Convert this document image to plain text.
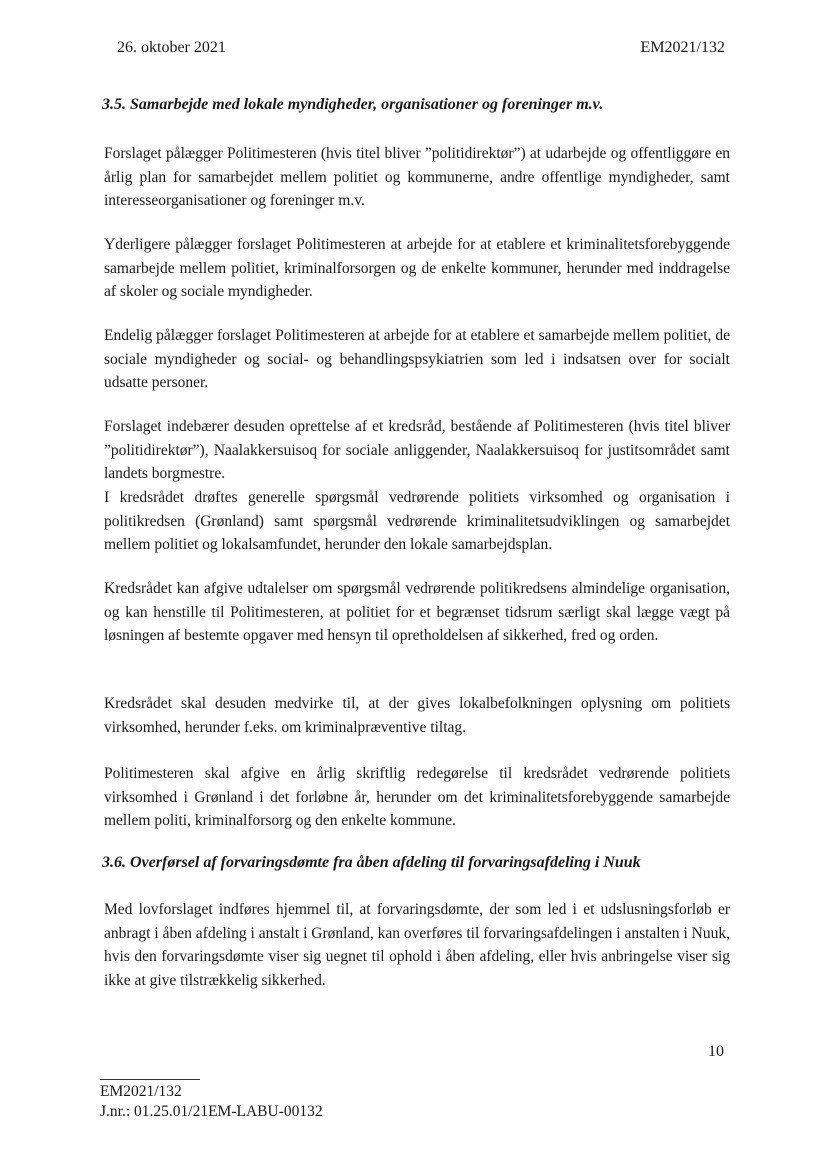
26. oktober 2021	EM2021/132
3.5. Samarbejde med lokale myndigheder, organisationer og foreninger m.v.

Forslaget pålægger Politimesteren (hvis titel bliver ”politidirektør”) at udarbejde og offentliggøre en årlig plan for samarbejdet mellem politiet og kommunerne, andre offentlige myndigheder, samt interesseorganisationer og foreninger m.v.

Yderligere pålægger forslaget Politimesteren at arbejde for at etablere et kriminalitetsforebyggende samarbejde mellem politiet, kriminalforsorgen og de enkelte kommuner, herunder med inddragelse af skoler og sociale myndigheder.

Endelig pålægger forslaget Politimesteren at arbejde for at etablere et samarbejde mellem politiet, de sociale myndigheder og social- og behandlingspsykiatrien som led i indsatsen over for socialt udsatte personer.

Forslaget indebærer desuden oprettelse af et kredsråd, bestående af Politimesteren (hvis titel bliver ”politidirektør”), Naalakkersuisoq for sociale anliggender, Naalakkersuisoq for justitsområdet samt landets borgmestre.

I kredsrådet drøftes generelle spørgsmål vedrørende politiets virksomhed og organisation i politikredsen (Grønland) samt spørgsmål vedrørende kriminalitetsudviklingen og samarbejdet mellem politiet og lokalsamfundet, herunder den lokale samarbejdsplan.

Kredsrådet kan afgive udtalelser om spørgsmål vedrørende politikredsens almindelige organisation, og kan henstille til Politimesteren, at politiet for et begrænset tidsrum særligt skal lægge vægt på løsningen af bestemte opgaver med hensyn til opretholdelsen af sikkerhed, fred og orden.

Kredsrådet skal desuden medvirke til, at der gives lokalbefolkningen oplysning om politiets virksomhed, herunder f.eks. om kriminalpræventive tiltag.

Politimesteren skal afgive en årlig skriftlig redegørelse til kredsrådet vedrørende politiets virksomhed i Grønland i det forløbne år, herunder om det kriminalitetsforebyggende samarbejde mellem politi, kriminalforsorg og den enkelte kommune.

3.6. Overførsel af forvaringsdømte fra åben afdeling til forvaringsafdeling i Nuuk

Med lovforslaget indføres hjemmel til, at forvaringsdømte, der som led i et udslusningsforløb er anbragt i åben afdeling i anstalt i Grønland, kan overføres til forvaringsafdelingen i anstalten i Nuuk, hvis den forvaringsdømte viser sig uegnet til ophold i åben afdeling, eller hvis anbringelse viser sig ikke at give tilstrækkelig sikkerhed.

10
EM2021/132
J.nr.: 01.25.01/21EM-LABU-00132
